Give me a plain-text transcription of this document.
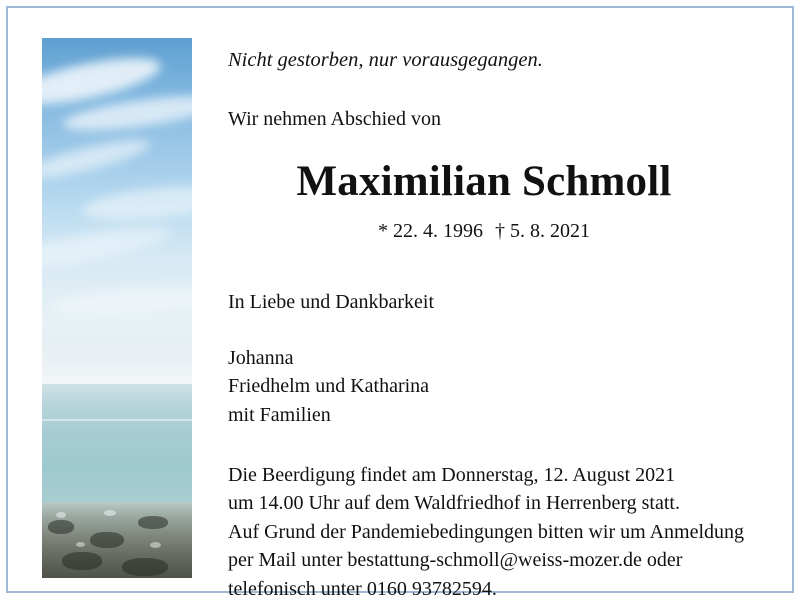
Nicht gestorben, nur vorausgegangen.

Wir nehmen Abschied von

Maximilian Schmoll

* 22. 4. 1996 † 5. 8. 2021

In Liebe und Dankbarkeit

Johanna
Friedhelm und Katharina
mit Familien
Die Beerdigung findet am Donnerstag, 12. August 2021
um 14.00 Uhr auf dem Waldfriedhof in Herrenberg statt.
Auf Grund der Pandemiebedingungen bitten wir um Anmeldung
per Mail unter bestattung-schmoll@weiss-mozer.de oder
telefonisch unter 0160 93782594.
